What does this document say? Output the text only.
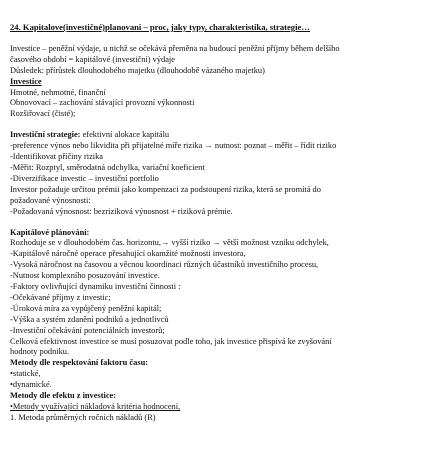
24. Kapitalove(investičné)planovani – proc, jaky typy, charakteristika, strategie…
Investice – peněžní výdaje, u nichž se očekává přeměna na budoucí peněžní příjmy během delšího
časového období = kapitálové (investiční) výdaje
Důsledek: přírůstek dlouhodobého majetku (dlouhodobě vázaného majetku)
Investice
Hmotné, nehmotné, finanční
Obnovovací – zachování stávající provozní výkonnosti
Rozšiřovací (čisté);
Investiční strategie: efektivní alokace kapitálu
-preference výnos nebo likvidita při přijatelné míře rizika → nutnost: poznat – měřit – řídit riziko
-Identifikovat příčiny rizika
-Měřit: Rozptyl, směrodatná odchylka, variační koeficient
-Diverzifikace investic – investiční portfolio
Investor požaduje určitou prémii jako kompenzaci za podstoupení rizika, která se promítá do
požadované výnosnosti:
-Požadovaná výnosnost: bezriziková výnosnost + riziková prémie.
Kapitálové plánování:
Rozhoduje se v dlouhodobém čas. horizontu,→ vyšší riziko → větší možnost vzniku odchylek,
-Kapitálově náročné operace přesahující okamžité možnosti investora,
-Vysoká náročnost na časovou a věcnou koordinaci různých účastníků investičního procesu,
-Nutnost komplexního posuzování investice.
-Faktory ovlivňující dynamiku investiční činnosti :
-Očekávané příjmy z investic;
-Úroková míra za vypůjčený peněžní kapitál;
-Výška a systém zdanění podniků a jednotlivců
-Investiční očekávání potenciálních investorů;
Celková efektivnost investice se musí posuzovat podle toho, jak investice přispívá ke zvyšování
hodnoty podniku.
Metody dle respektování faktoru času:
•statické,
•dynamické.
Metody dle efektu z investice:
•Metody využívající nákladová kritéria hodnocení,
1. Metoda průměrných ročních nákladů (R)
